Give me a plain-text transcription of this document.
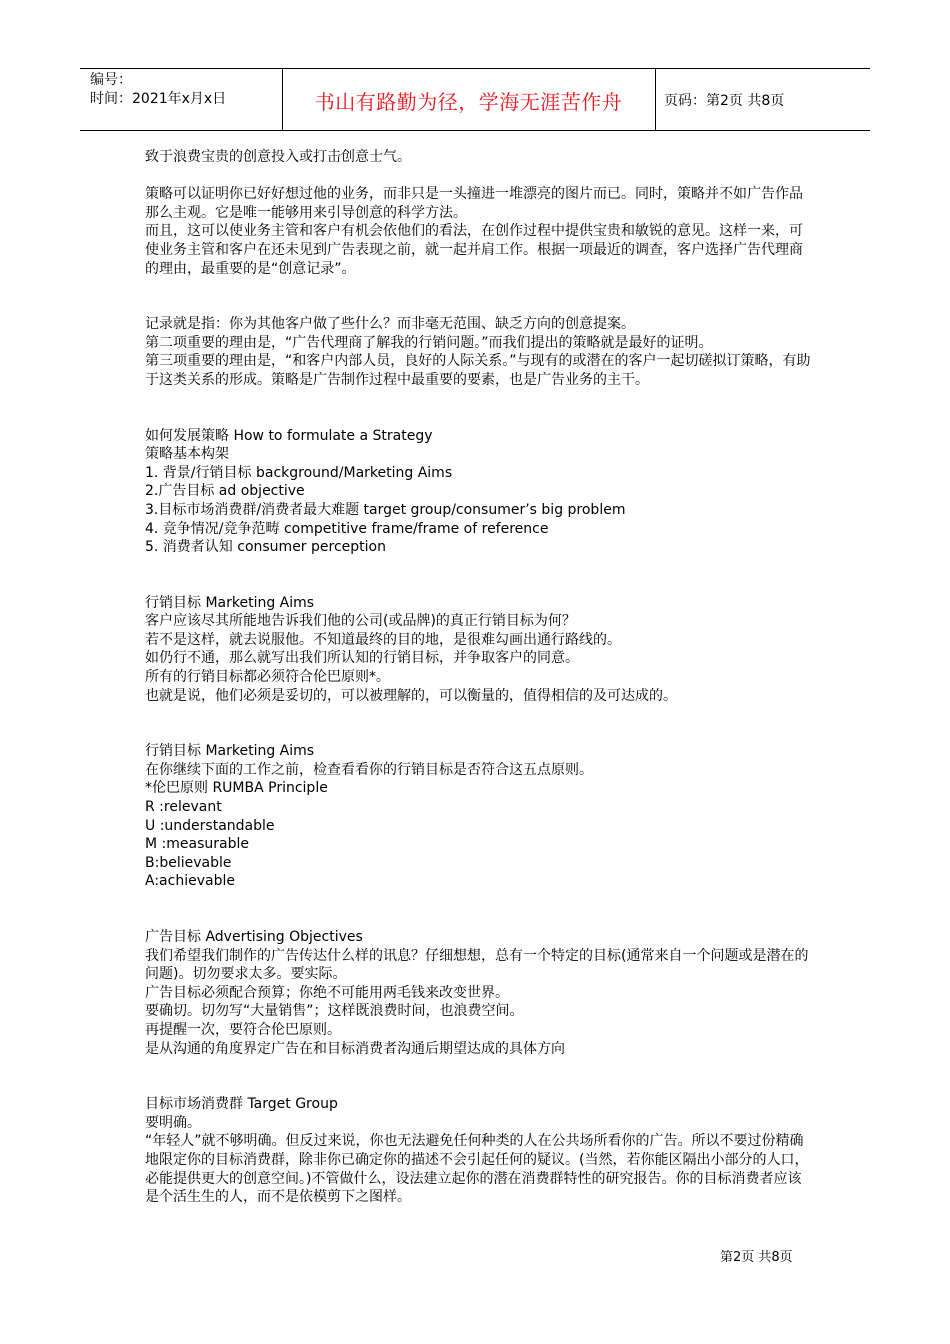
编号：
时间：2021年x月x日	书山有路勤为径，学海无涯苦作舟	页码：第2页 共8页

致于浪费宝贵的创意投入或打击创意士气。

策略可以证明你已好好想过他的业务，而非只是一头撞进一堆漂亮的图片而已。同时，策略并不如广告作品那么主观。它是唯一能够用来引导创意的科学方法。

而且，这可以使业务主管和客户有机会依他们的看法，在创作过程中提供宝贵和敏锐的意见。这样一来，可使业务主管和客户在还未见到广告表现之前，就一起并肩工作。根据一项最近的调查，客户选择广告代理商的理由，最重要的是“创意记录”。

记录就是指：你为其他客户做了些什么？而非毫无范围、缺乏方向的创意提案。

第二项重要的理由是，“广告代理商了解我的行销问题。”而我们提出的策略就是最好的证明。

第三项重要的理由是，“和客户内部人员，良好的人际关系。”与现有的或潜在的客户一起切磋拟订策略，有助于这类关系的形成。策略是广告制作过程中最重要的要素，也是广告业务的主干。

如何发展策略 How to formulate a Strategy

策略基本构架

1. 背景/行销目标 background/Marketing Aims

2.广告目标 ad objective

3.目标市场消费群/消费者最大难题 target group/consumer’s big problem

4. 竞争情况/竞争范畴 competitive frame/frame of reference

5. 消费者认知 consumer perception

行销目标 Marketing Aims

客户应该尽其所能地告诉我们他的公司(或品牌)的真正行销目标为何？

若不是这样，就去说服他。不知道最终的目的地，是很难勾画出通行路线的。

如仍行不通，那么就写出我们所认知的行销目标，并争取客户的同意。

所有的行销目标都必须符合伦巴原则*。

也就是说，他们必须是妥切的，可以被理解的，可以衡量的，值得相信的及可达成的。

行销目标 Marketing Aims

在你继续下面的工作之前，检查看看你的行销目标是否符合这五点原则。

*伦巴原则 RUMBA Principle

R :relevant

U :understandable

M :measurable

B:believable

A:achievable

广告目标 Advertising Objectives

我们希望我们制作的广告传达什么样的讯息？仔细想想，总有一个特定的目标(通常来自一个问题或是潜在的问题)。切勿要求太多。要实际。

广告目标必须配合预算；你绝不可能用两毛钱来改变世界。

要确切。切勿写“大量销售”；这样既浪费时间，也浪费空间。

再提醒一次，要符合伦巴原则。

是从沟通的角度界定广告在和目标消费者沟通后期望达成的具体方向

目标市场消费群 Target Group

要明确。

“年轻人”就不够明确。但反过来说，你也无法避免任何种类的人在公共场所看你的广告。所以不要过份精确地限定你的目标消费群，除非你已确定你的描述不会引起任何的疑议。(当然，若你能区隔出小部分的人口，必能提供更大的创意空间。)不管做什么，设法建立起你的潜在消费群特性的研究报告。你的目标消费者应该是个活生生的人，而不是依模剪下之图样。

第2页 共8页
